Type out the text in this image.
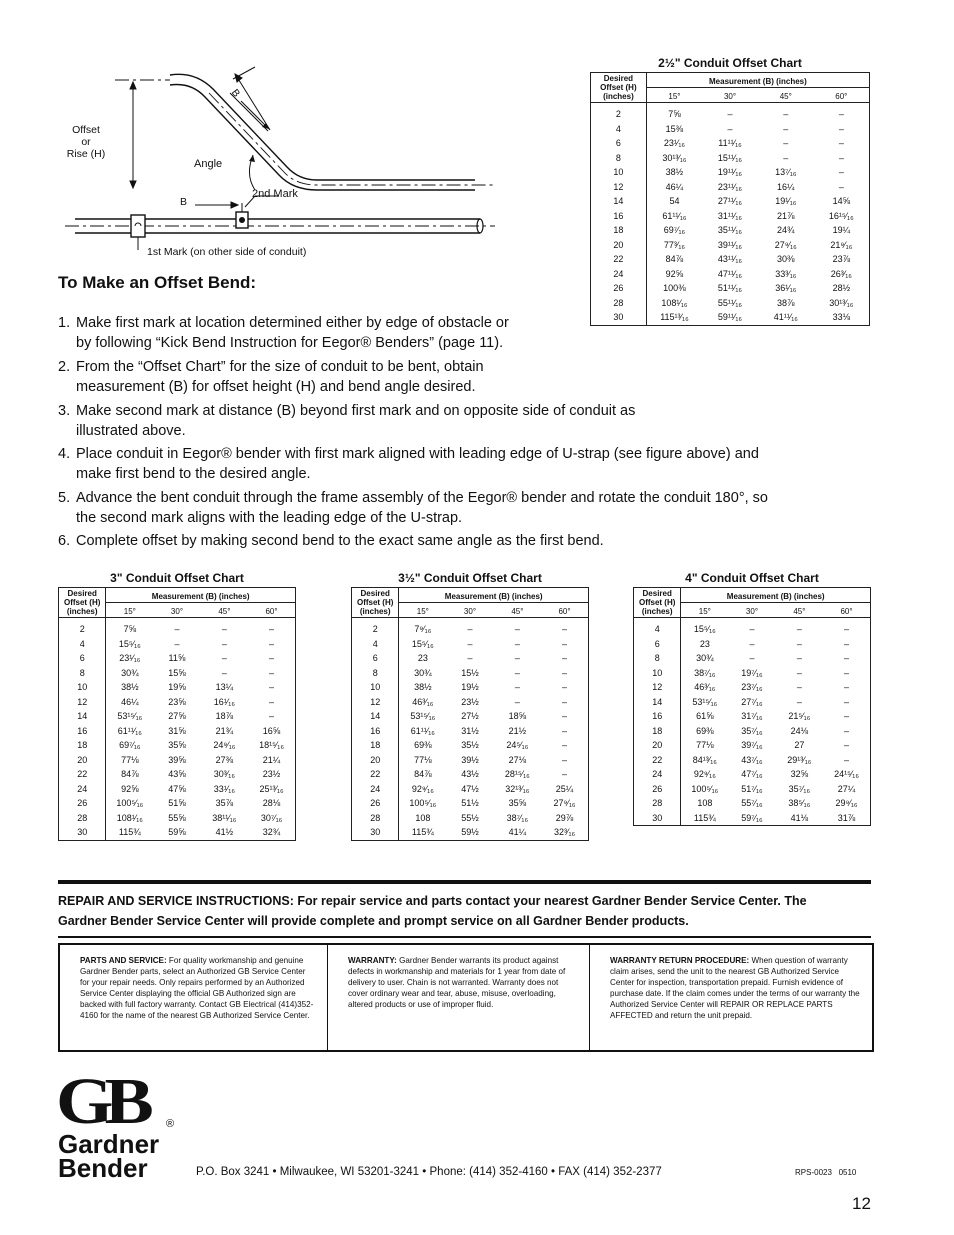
Offset
or
Rise (H)
Angle
B
B
2nd Mark
1st Mark (on other side of conduit)
To Make an Offset Bend:
1. Make first mark at location determined either by edge of obstacle or
by following “Kick Bend Instruction for Eegor® Benders” (page 11).
2. From the “Offset Chart” for the size of conduit to be bent, obtain
measurement (B) for offset height (H) and bend angle desired.
3. Make second mark at distance (B) beyond first mark and on opposite side of conduit as
illustrated above.
4. Place conduit in Eegor® bender with first mark aligned with leading edge of U-strap (see figure above) and
make first bend to the desired angle.
5. Advance the bent conduit through the frame assembly of the Eegor® bender and rotate the conduit 180°, so
the second mark aligns with the leading edge of the U-strap.
6. Complete offset by making second bend to the exact same angle as the first bend.
2½" Conduit Offset Chart
Desired Offset (H) (inches)	Measurement (B) (inches)			
	15°	30°	45°	60°
2	7⅝	–	–	–
4	15⅜	–	–	–
6	23¹⁄₁₆	11¹¹⁄₁₆	–	–
8	30¹³⁄₁₆	15¹¹⁄₁₆	–	–
10	38½	19¹¹⁄₁₆	13⁷⁄₁₆	–
12	46¼	23¹¹⁄₁₆	16¼	–
14	54	27¹¹⁄₁₆	19¹⁄₁₆	14⅝
16	61¹¹⁄₁₆	31¹¹⁄₁₆	21⅞	16¹⁵⁄₁₆
18	69⁷⁄₁₆	35¹¹⁄₁₆	24¾	19¼
20	77³⁄₁₆	39¹¹⁄₁₆	27⁹⁄₁₆	21⁹⁄₁₆
22	84⅞	43¹¹⁄₁₆	30⅜	23⅞
24	92⅝	47¹¹⁄₁₆	33³⁄₁₆	26³⁄₁₆
26	100⅜	51¹¹⁄₁₆	36¹⁄₁₆	28½
28	108¹⁄₁₆	55¹¹⁄₁₆	38⅞	30¹³⁄₁₆
30	115¹³⁄₁₆	59¹¹⁄₁₆	41¹¹⁄₁₆	33⅛
3" Conduit Offset Chart
Desired Offset (H) (inches)	Measurement (B) (inches)			
	15°	30°	45°	60°
2	7⅝	–	–	–
4	15⁵⁄₁₆	–	–	–
6	23¹⁄₁₆	11⅝	–	–
8	30¾	15⅝	–	–
10	38½	19⅝	13¼	–
12	46¼	23⅝	16¹⁄₁₆	–
14	53¹⁵⁄₁₆	27⅝	18⅞	–
16	61¹¹⁄₁₆	31⅝	21¾	16⅝
18	69⁷⁄₁₆	35⅝	24⁹⁄₁₆	18¹⁵⁄₁₆
20	77⅛	39⅝	27⅜	21¼
22	84⅞	43⅝	30³⁄₁₆	23½
24	92⅝	47⅝	33¹⁄₁₆	25¹³⁄₁₆
26	100⁵⁄₁₆	51⅝	35⅞	28⅛
28	108¹⁄₁₆	55⅝	38¹¹⁄₁₆	30⁷⁄₁₆
30	115¾	59⅝	41½	32¾
3½" Conduit Offset Chart
Desired Offset (H) (inches)	Measurement (B) (inches)			
	15°	30°	45°	60°
2	7⁹⁄₁₆	–	–	–
4	15⁵⁄₁₆	–	–	–
6	23	–	–	–
8	30¾	15½	–	–
10	38½	19½	–	–
12	46³⁄₁₆	23½	–	–
14	53¹⁵⁄₁₆	27½	18⅝	–
16	61¹¹⁄₁₆	31½	21½	–
18	69⅜	35½	24⁵⁄₁₆	–
20	77⅛	39½	27⅛	–
22	84⅞	43½	28¹⁵⁄₁₆	–
24	92⁹⁄₁₆	47½	32¹³⁄₁₆	25¼
26	100⁵⁄₁₆	51½	35⅝	27⁹⁄₁₆
28	108	55½	38⁷⁄₁₆	29⅞
30	115¾	59½	41¼	32³⁄₁₆
4" Conduit Offset Chart
Desired Offset (H) (inches)	Measurement (B) (inches)			
	15°	30°	45°	60°
4	15⁵⁄₁₆	–	–	–
6	23	–	–	–
8	30¾	–	–	–
10	38⁷⁄₁₆	19⁷⁄₁₆	–	–
12	46³⁄₁₆	23⁷⁄₁₆	–	–
14	53¹⁵⁄₁₆	27⁷⁄₁₆	–	–
16	61⅝	31⁷⁄₁₆	21⁵⁄₁₆	–
18	69⅜	35⁷⁄₁₆	24⅛	–
20	77⅛	39⁷⁄₁₆	27	–
22	84¹³⁄₁₆	43⁷⁄₁₆	29¹³⁄₁₆	–
24	92⁹⁄₁₆	47⁷⁄₁₆	32⅝	24¹⁵⁄₁₆
26	100⁵⁄₁₆	51⁷⁄₁₆	35⁷⁄₁₆	27¼
28	108	55⁷⁄₁₆	38⁵⁄₁₆	29⁹⁄₁₆
30	115¾	59⁷⁄₁₆	41⅛	31⅞
REPAIR AND SERVICE INSTRUCTIONS: For repair service and parts contact your nearest Gardner Bender Service Center. The
Gardner Bender Service Center will provide complete and prompt service on all Gardner Bender products.
PARTS AND SERVICE: For quality workmanship and genuine Gardner Bender parts, select an Authorized GB Service Center for your repair needs. Only repairs performed by an Authorized Service Center displaying the official GB Authorized sign are backed with full factory warranty. Contact GB Electrical (414)352-4160 for the name of the nearest GB Authorized Service Center.
WARRANTY: Gardner Bender warrants its product against defects in workmanship and materials for 1 year from date of delivery to user. Chain is not warranted. Warranty does not cover ordinary wear and tear, abuse, misuse, overloading, altered products or use of improper fluid.
WARRANTY RETURN PROCEDURE: When question of warranty claim arises, send the unit to the nearest GB Authorized Service Center for inspection, transportation prepaid. Furnish evidence of purchase date. If the claim comes under the terms of our warranty the Authorized Service Center will REPAIR OR REPLACE PARTS AFFECTED and return the unit prepaid.
GB ®
Gardner
Bender	P.O. Box 3241 • Milwaukee, WI 53201-3241 • Phone: (414) 352-4160 • FAX (414) 352-2377	RPS-0023   0510
12
